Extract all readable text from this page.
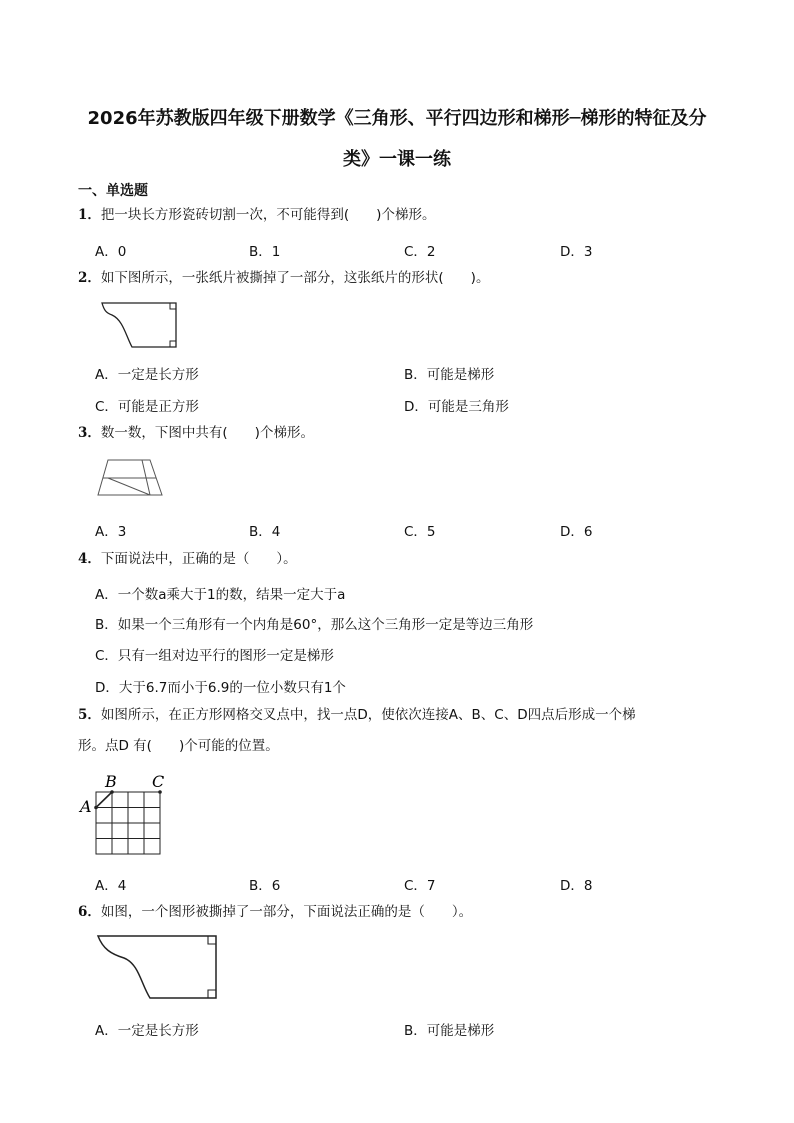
2026年苏教版四年级下册数学《三角形、平行四边形和梯形─梯形的特征及分
类》一课一练
一、单选题
1．把一块长方形瓷砖切割一次，不可能得到(　　)个梯形。
A．0	B．1	C．2	D．3
2．如下图所示，一张纸片被撕掉了一部分，这张纸片的形状(　　)。
A．一定是长方形	B．可能是梯形
C．可能是正方形	D．可能是三角形
3．数一数，下图中共有(　　)个梯形。
A．3	B．4	C．5	D．6
4．下面说法中，正确的是（　　）。
A．一个数a乘大于1的数，结果一定大于a
B．如果一个三角形有一个内角是60°，那么这个三角形一定是等边三角形
C．只有一组对边平行的图形一定是梯形
D．大于6.7而小于6.9的一位小数只有1个
5．如图所示，在正方形网格交叉点中，找一点D，使依次连接A、B、C、D四点后形成一个梯
形。点D 有(　　)个可能的位置。
A
B C
A．4	B．6	C．7	D．8
6．如图，一个图形被撕掉了一部分，下面说法正确的是（　　）。
A．一定是长方形	B．可能是梯形
